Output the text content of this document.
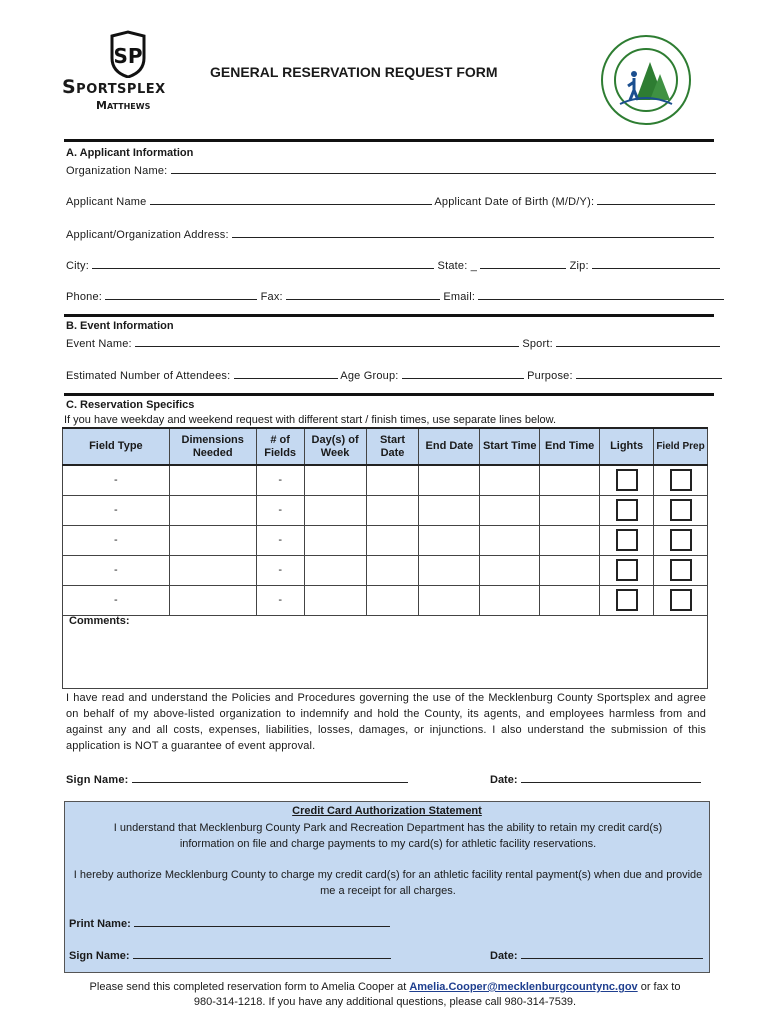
SP
Sportsplex
Matthews
GENERAL RESERVATION REQUEST FORM
A. Applicant Information
Organization Name:
Applicant Name	Applicant Date of Birth (M/D/Y):
Applicant/Organization Address:
City:	State: _	Zip:
Phone:	Fax:	Email:
B. Event Information
Event Name:	Sport:
Estimated Number of Attendees:	Age Group:	Purpose:
C. Reservation Specifics
If you have weekday and weekend request with different start / finish times, use separate lines below.
Field Type	Dimensions Needed	# of Fields	Day(s) of Week	Start Date	End Date	Start Time	End Time	Lights	Field Prep
-		-							
-		-							
-		-							
-		-							
-		-							
Comments:
I have read and understand the Policies and Procedures governing the use of the Mecklenburg County Sportsplex and agree on behalf of my above-listed organization to indemnify and hold the County, its agents, and employees harmless from and against any and all costs, expenses, liabilities, losses, damages, or injunctions. I also understand the submission of this application is NOT a guarantee of event approval.
Sign Name:	Date:
Credit Card Authorization Statement
I understand that Mecklenburg County Park and Recreation Department has the ability to retain my credit card(s) information on file and charge payments to my card(s) for athletic facility reservations.
I hereby authorize Mecklenburg County to charge my credit card(s) for an athletic facility rental payment(s) when due and provide me a receipt for all charges.
Print Name:
Sign Name:	Date:
Please send this completed reservation form to Amelia Cooper at Amelia.Cooper@mecklenburgcountync.gov or fax to
980-314-1218. If you have any additional questions, please call 980-314-7539.
